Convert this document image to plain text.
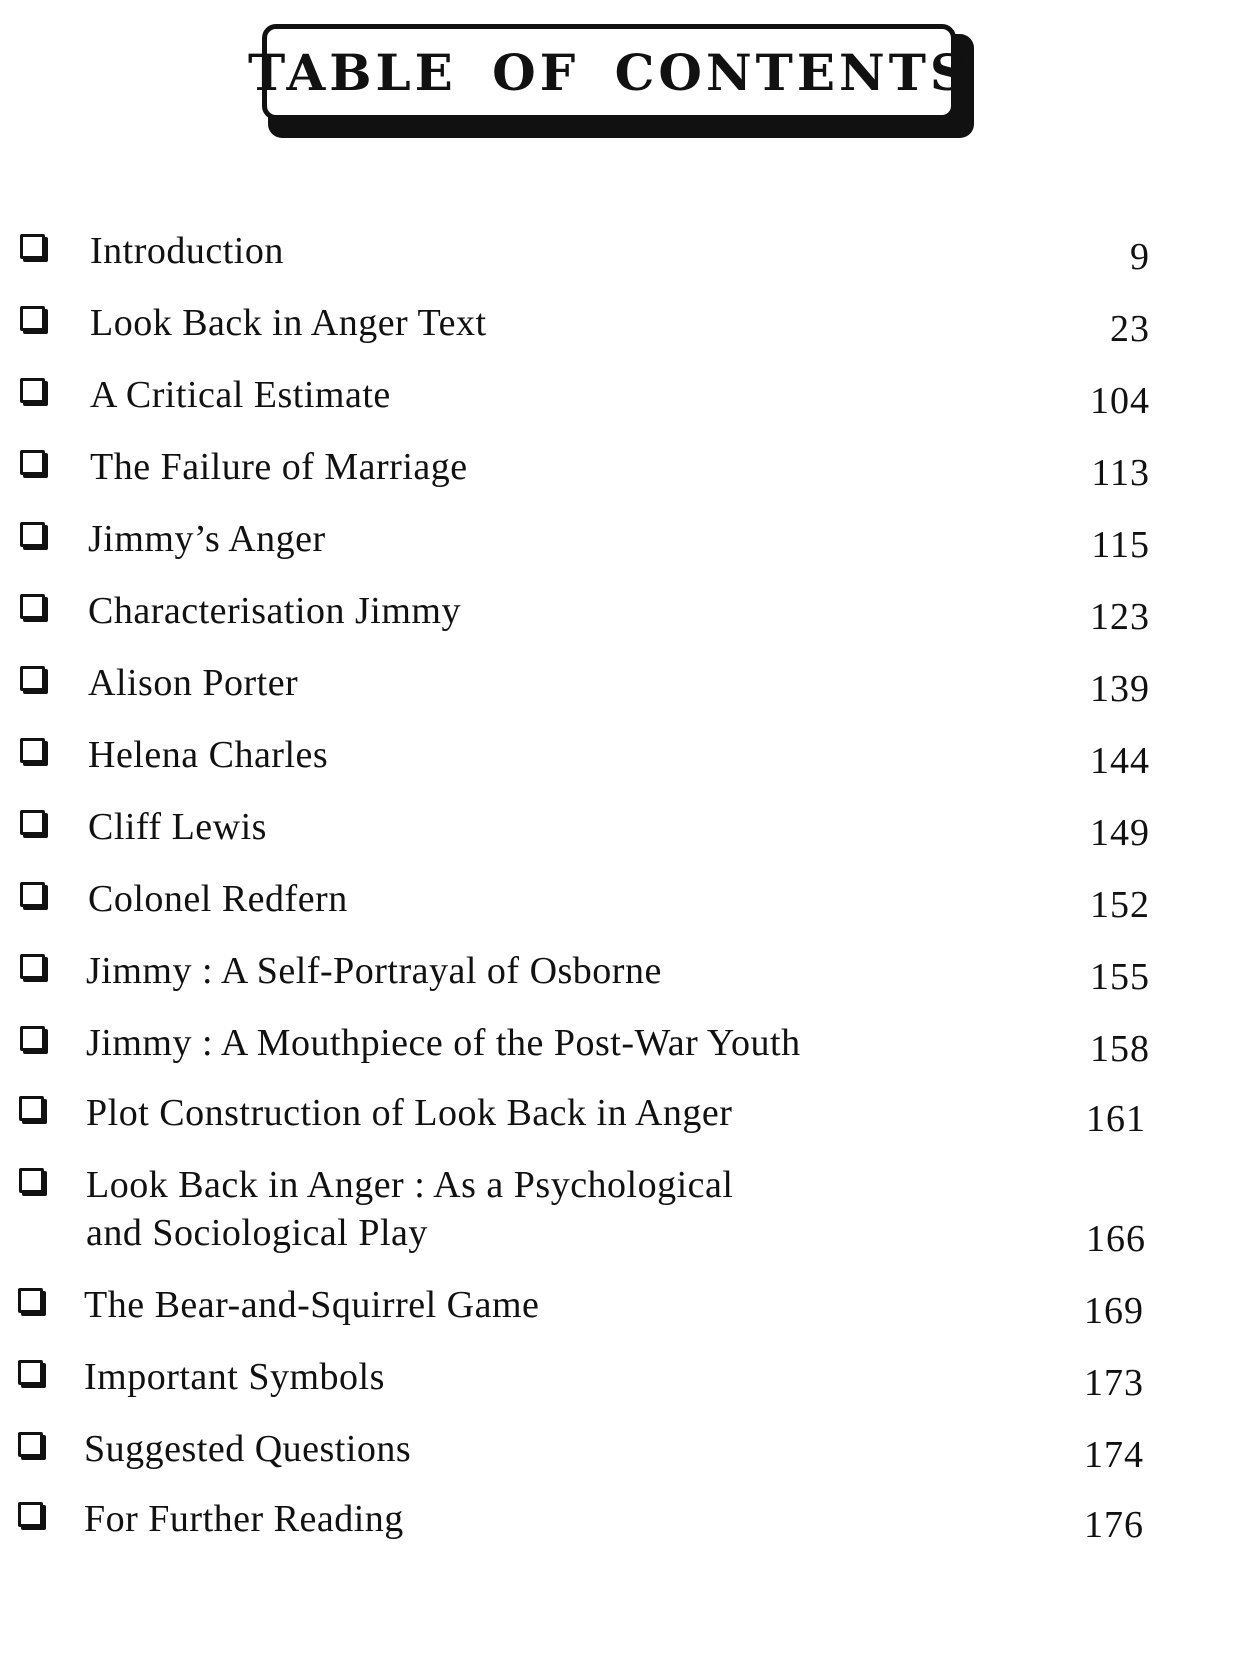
TABLE OF CONTENTS
Introduction	9
Look Back in Anger Text	23
A Critical Estimate	104
The Failure of Marriage	113
Jimmy’s Anger	115
Characterisation Jimmy	123
Alison Porter	139
Helena Charles	144
Cliff Lewis	149
Colonel Redfern	152
Jimmy : A Self-Portrayal of Osborne	155
Jimmy : A Mouthpiece of the Post-War Youth	158
Plot Construction of Look Back in Anger	161
Look Back in Anger : As a Psychological
and Sociological Play	166
The Bear-and-Squirrel Game	169
Important Symbols	173
Suggested Questions	174
For Further Reading	176
